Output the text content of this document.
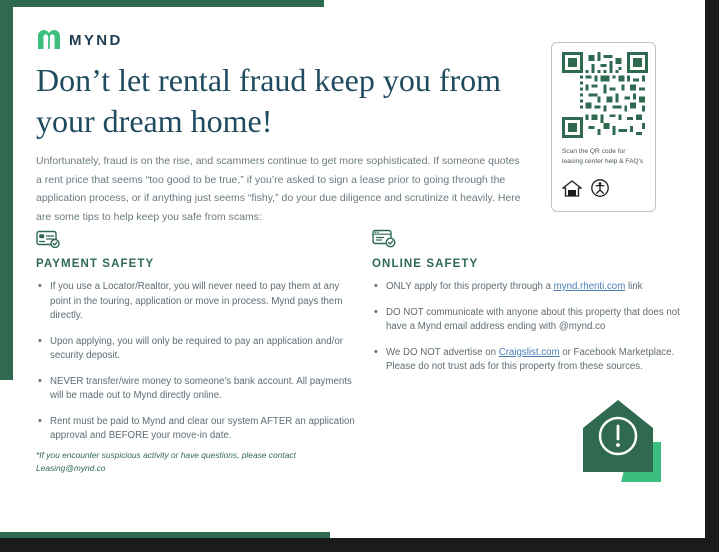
MYND
Don’t let rental fraud keep you from your dream home!

Unfortunately, fraud is on the rise, and scammers continue to get more sophisticated. If someone quotes a rent price that seems “too good to be true,” if you’re asked to sign a lease prior to going through the application process, or if anything just seems “fishy,” do your due diligence and scrutinize it heavily. Here are some tips to help keep you safe from scams:

Scan the QR code for leasing center help & FAQ's
PAYMENT SAFETY
• If you use a Locator/Realtor, you will never need to pay them at any point in the touring, application or move in process. Mynd pays them directly.
• Upon applying, you will only be required to pay an application and/or security deposit.
• NEVER transfer/wire money to someone's bank account. All payments will be made out to Mynd directly online.
• Rent must be paid to Mynd and clear our system AFTER an application approval and BEFORE your move-in date.
ONLINE SAFETY
• ONLY apply for this property through a mynd.rhenti.com link
• DO NOT communicate with anyone about this property that does not have a Mynd email address ending with @mynd.co
• We DO NOT advertise on Craigslist.com or Facebook Marketplace. Please do not trust ads for this property from these sources.
*If you encounter suspicious activity or have questions, please contact Leasing@mynd.co
